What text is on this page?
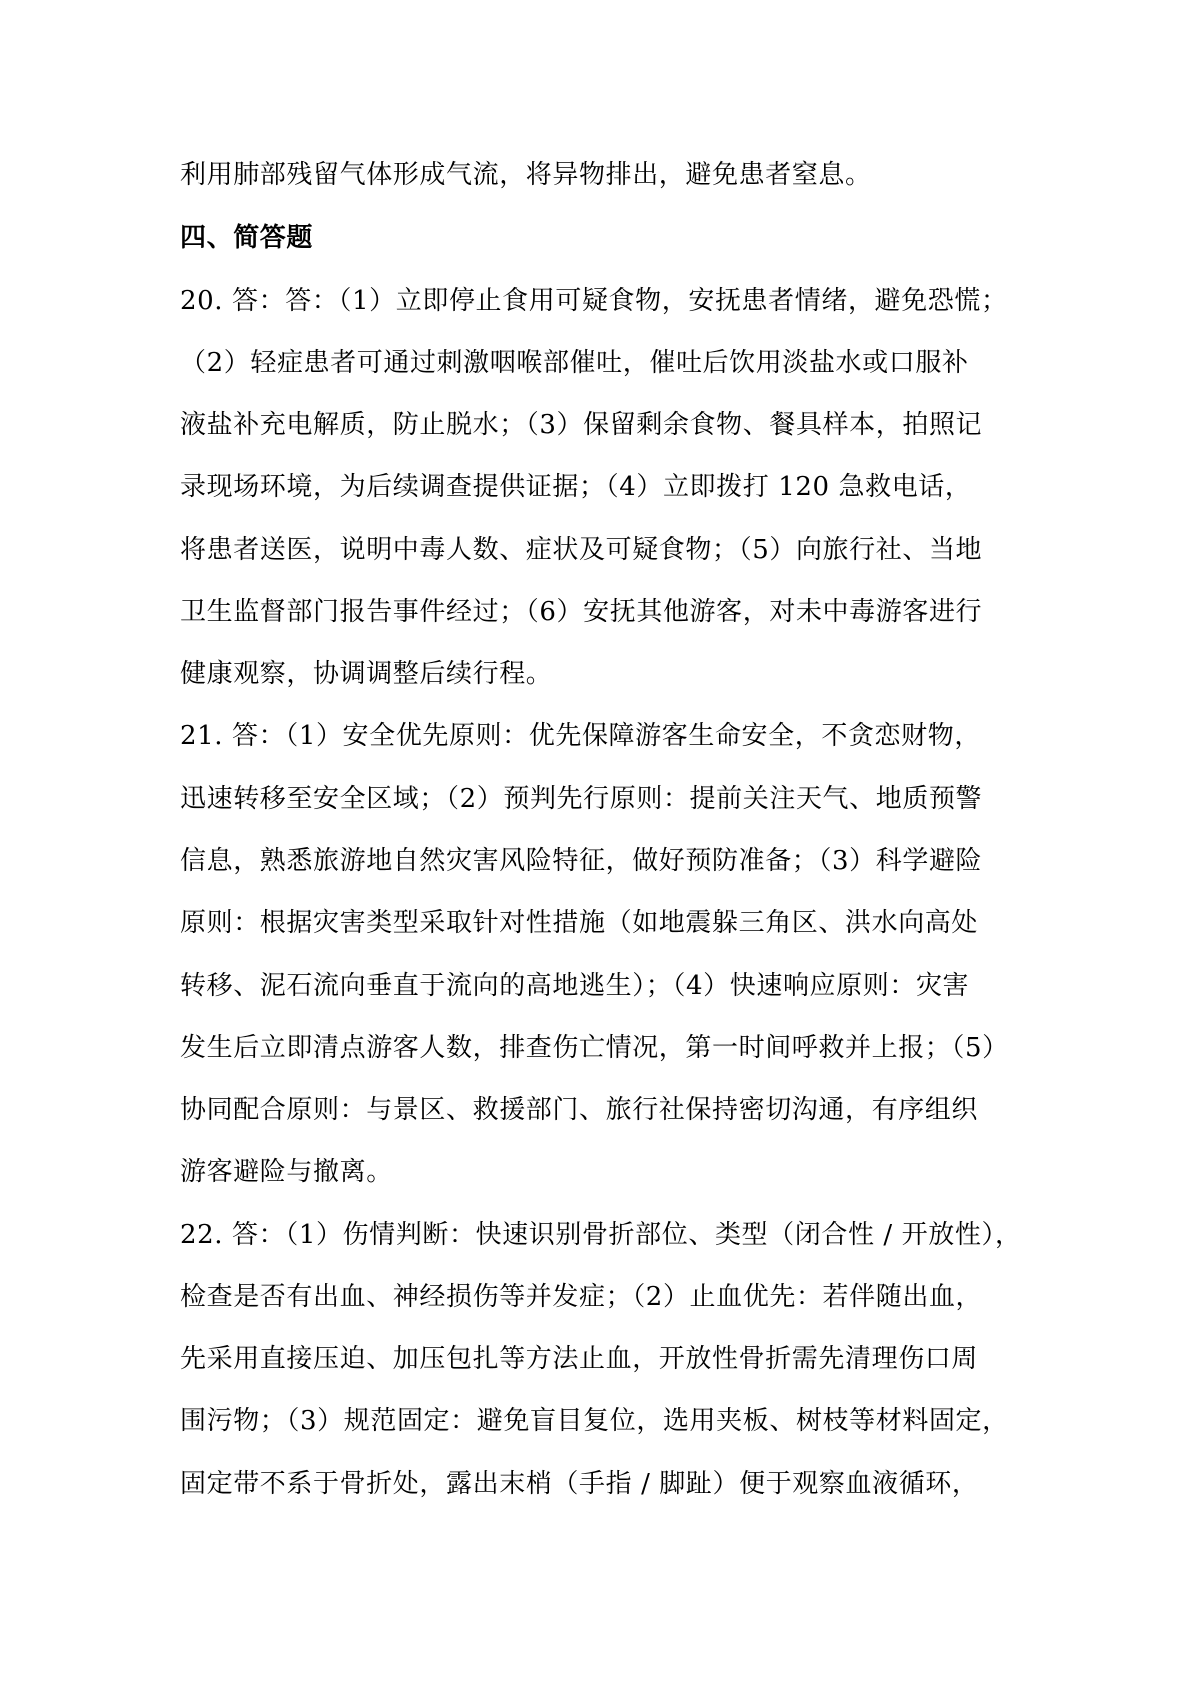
利用肺部残留气体形成气流，将异物排出，避免患者窒息。
四、简答题
20. 答：答：（1）立即停止食用可疑食物，安抚患者情绪，避免恐慌；
（2）轻症患者可通过刺激咽喉部催吐，催吐后饮用淡盐水或口服补
液盐补充电解质，防止脱水；（3）保留剩余食物、餐具样本，拍照记
录现场环境，为后续调查提供证据；（4）立即拨打 120 急救电话，
将患者送医，说明中毒人数、症状及可疑食物；（5）向旅行社、当地
卫生监督部门报告事件经过；（6）安抚其他游客，对未中毒游客进行
健康观察，协调调整后续行程。
21. 答：（1）安全优先原则：优先保障游客生命安全，不贪恋财物，
迅速转移至安全区域；（2）预判先行原则：提前关注天气、地质预警
信息，熟悉旅游地自然灾害风险特征，做好预防准备；（3）科学避险
原则：根据灾害类型采取针对性措施（如地震躲三角区、洪水向高处
转移、泥石流向垂直于流向的高地逃生）；（4）快速响应原则：灾害
发生后立即清点游客人数，排查伤亡情况，第一时间呼救并上报；（5）
协同配合原则：与景区、救援部门、旅行社保持密切沟通，有序组织
游客避险与撤离。
22. 答：（1）伤情判断：快速识别骨折部位、类型（闭合性 / 开放性），
检查是否有出血、神经损伤等并发症；（2）止血优先：若伴随出血，
先采用直接压迫、加压包扎等方法止血，开放性骨折需先清理伤口周
围污物；（3）规范固定：避免盲目复位，选用夹板、树枝等材料固定，
固定带不系于骨折处，露出末梢（手指 / 脚趾）便于观察血液循环，
